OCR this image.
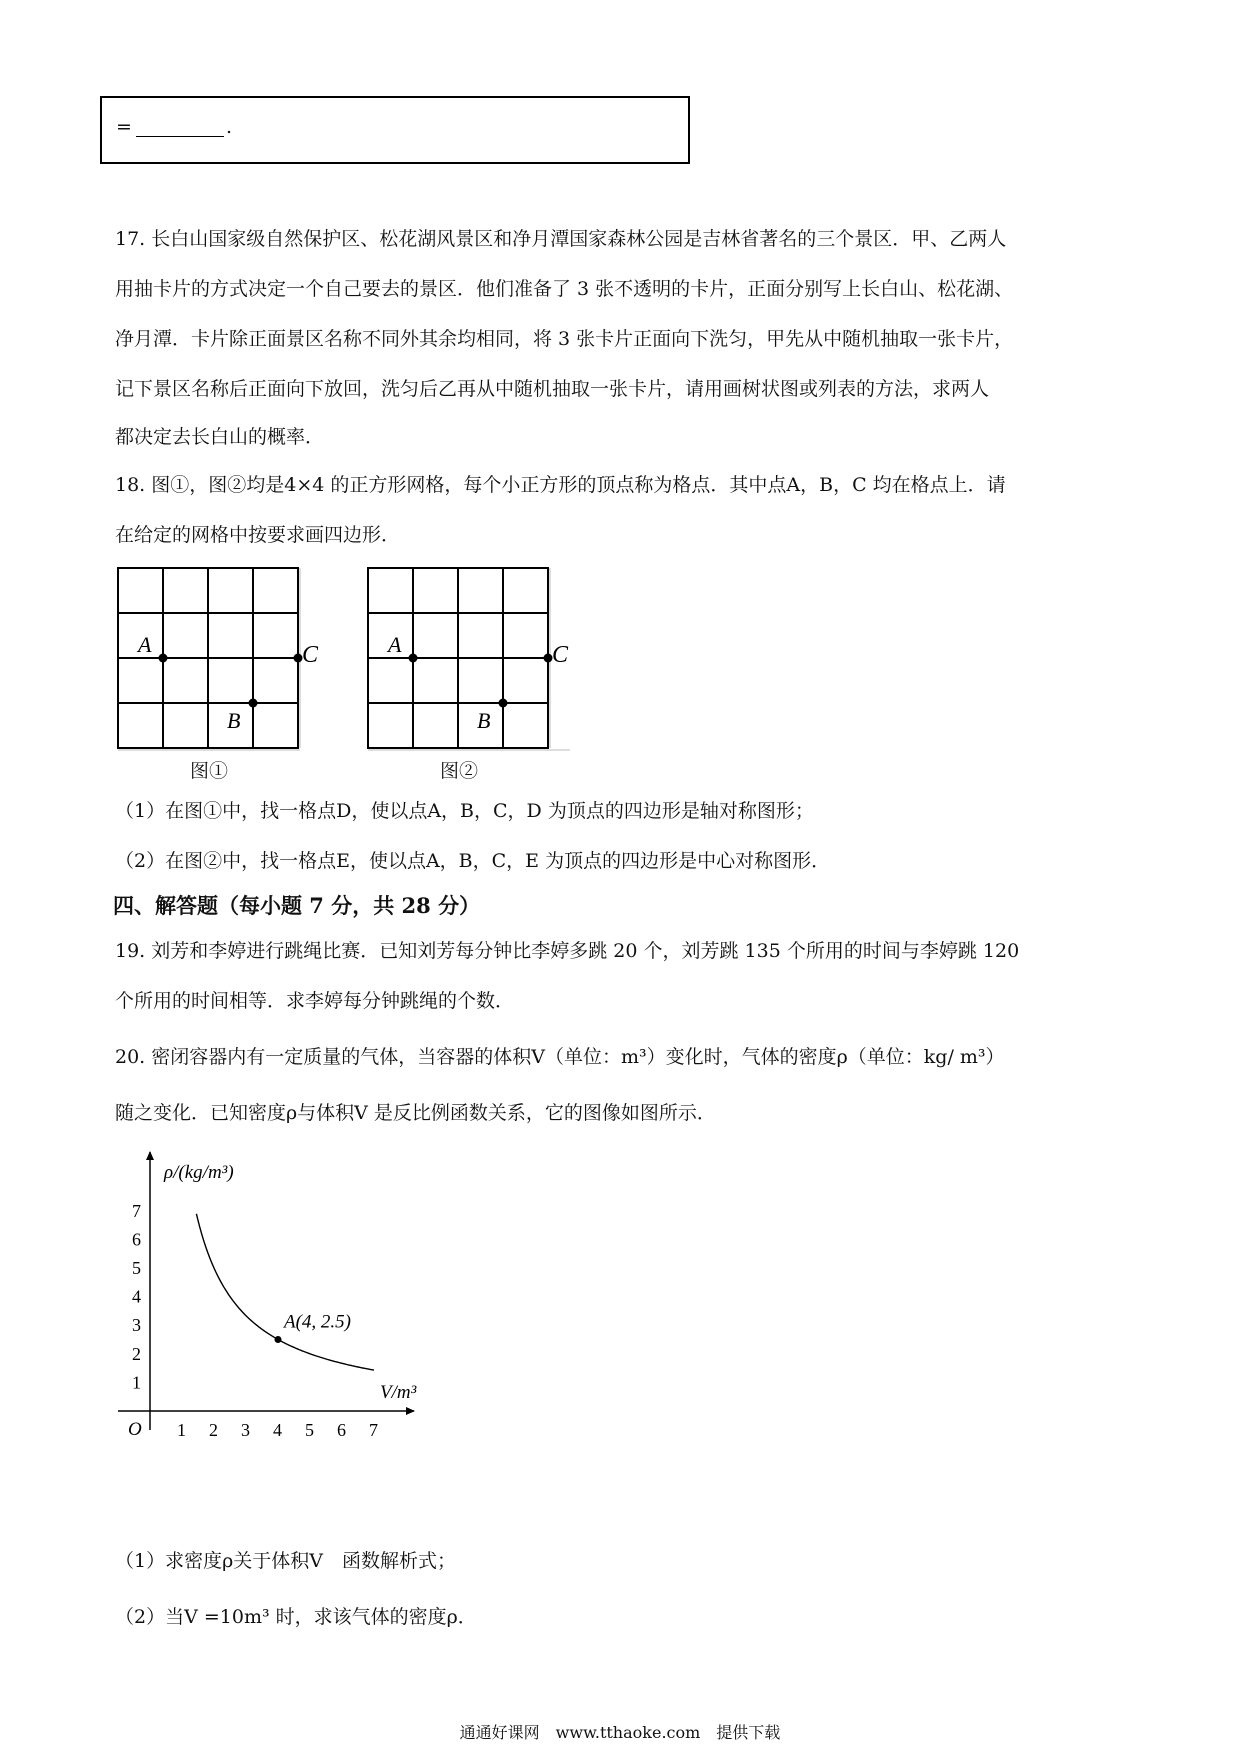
=	.
17. 长白山国家级自然保护区、松花湖风景区和净月潭国家森林公园是吉林省著名的三个景区．甲、乙两人
用抽卡片的方式决定一个自己要去的景区．他们准备了 3 张不透明的卡片，正面分别写上长白山、松花湖、
净月潭．卡片除正面景区名称不同外其余均相同，将 3 张卡片正面向下洗匀，甲先从中随机抽取一张卡片，
记下景区名称后正面向下放回，洗匀后乙再从中随机抽取一张卡片，请用画树状图或列表的方法，求两人
都决定去长白山的概率．
18. 图①，图②均是4×4 的正方形网格，每个小正方形的顶点称为格点．其中点A，B，C 均在格点上．请
在给定的网格中按要求画四边形．
A
B
C
图①
A
B
C
图②
（1）在图①中，找一格点D，使以点A，B，C，D 为顶点的四边形是轴对称图形；
（2）在图②中，找一格点E，使以点A，B，C，E 为顶点的四边形是中心对称图形．
四、解答题（每小题 7 分，共 28 分）
19. 刘芳和李婷进行跳绳比赛．已知刘芳每分钟比李婷多跳 20 个，刘芳跳 135 个所用的时间与李婷跳 120
个所用的时间相等．求李婷每分钟跳绳的个数．
20. 密闭容器内有一定质量的气体，当容器的体积V（单位：m³）变化时，气体的密度ρ（单位：kg/ m³）
随之变化．已知密度ρ与体积V 是反比例函数关系，它的图像如图所示．
1 2 3 4 5 6 7
1
2
3
4
5
6
7
A(4, 2.5)
ρ/(kg/m³)
V/m³
O
（1）求密度ρ关于体积V　函数解析式；
（2）当V =10m³ 时，求该气体的密度ρ．
通通好课网　www.tthaoke.com　提供下载
